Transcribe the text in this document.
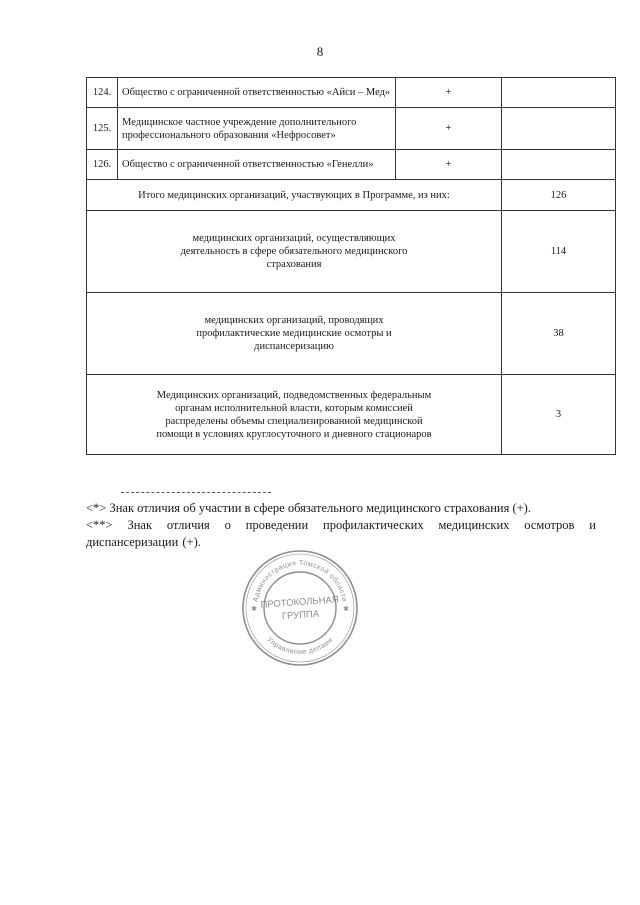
8
124.	Общество с ограниченной ответственностью «Айси – Мед»	+	
125.	Медицинское частное учреждение дополнительного профессионального образования «Нефросовет»	+	
126.	Общество с ограниченной ответственностью «Генелли»	+	
Итого медицинских организаций, участвующих в Программе, из них:			126

медицинских организаций, осуществляющих деятельность в сфере обязательного медицинского страхования			114

медицинских организаций, проводящих профилактические медицинские осмотры и диспансеризацию			38

Медицинских организаций, подведомственных федеральным органам исполнительной власти, которым комиссией распределены объемы специализированной медицинской помощи в условиях круглосуточного и дневного стационаров			3
<*> Знак отличия об участии в сфере обязательного медицинского страхования (+).
<**> Знак отличия о проведении профилактических медицинских осмотров и диспансеризации (+).
Администрация Томской области
Управление делами
ПРОТОКОЛЬНАЯ
ГРУППА
✱	✱
